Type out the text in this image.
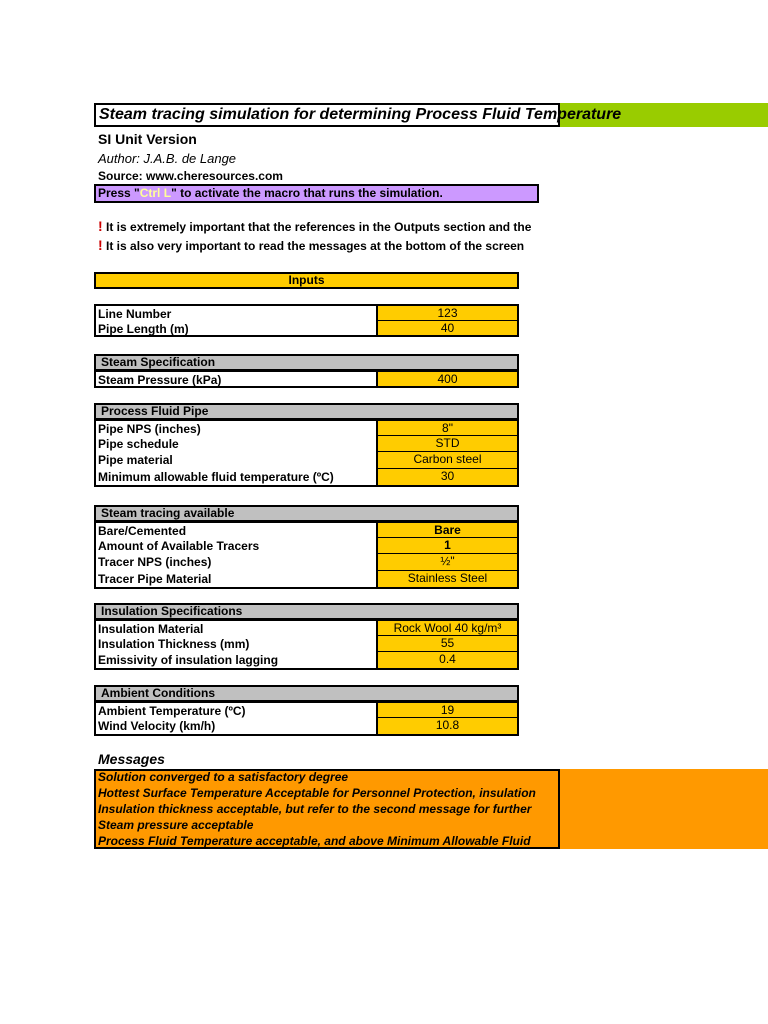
Steam tracing simulation for determining Process Fluid Temperature
SI Unit Version
Author: J.A.B. de Lange
Source: www.cheresources.com
Press "Ctrl L" to activate the macro that runs the simulation.
! It is extremely important that the references in the Outputs section and the
! It is also very important to read the messages at the bottom of the screen
Inputs
Line Number	123
Pipe Length (m)	40
Steam Specification
Steam Pressure (kPa)	400
Process Fluid Pipe
Pipe NPS (inches)	8"
Pipe schedule	STD
Pipe material	Carbon steel
Minimum allowable fluid temperature (ºC)	30
Steam tracing available
Bare/Cemented	Bare
Amount of Available Tracers	1
Tracer NPS (inches)	½"
Tracer Pipe Material	Stainless Steel
Insulation Specifications
Insulation Material	Rock Wool 40 kg/m³
Insulation Thickness (mm)	55
Emissivity of insulation lagging	0.4
Ambient Conditions
Ambient Temperature (ºC)	19
Wind Velocity (km/h)	10.8
Messages
Solution converged to a satisfactory degree
Hottest Surface Temperature Acceptable for Personnel Protection, insulation
Insulation thickness acceptable, but refer to the second message for further
Steam pressure acceptable
Process Fluid Temperature acceptable, and above Minimum Allowable Fluid
